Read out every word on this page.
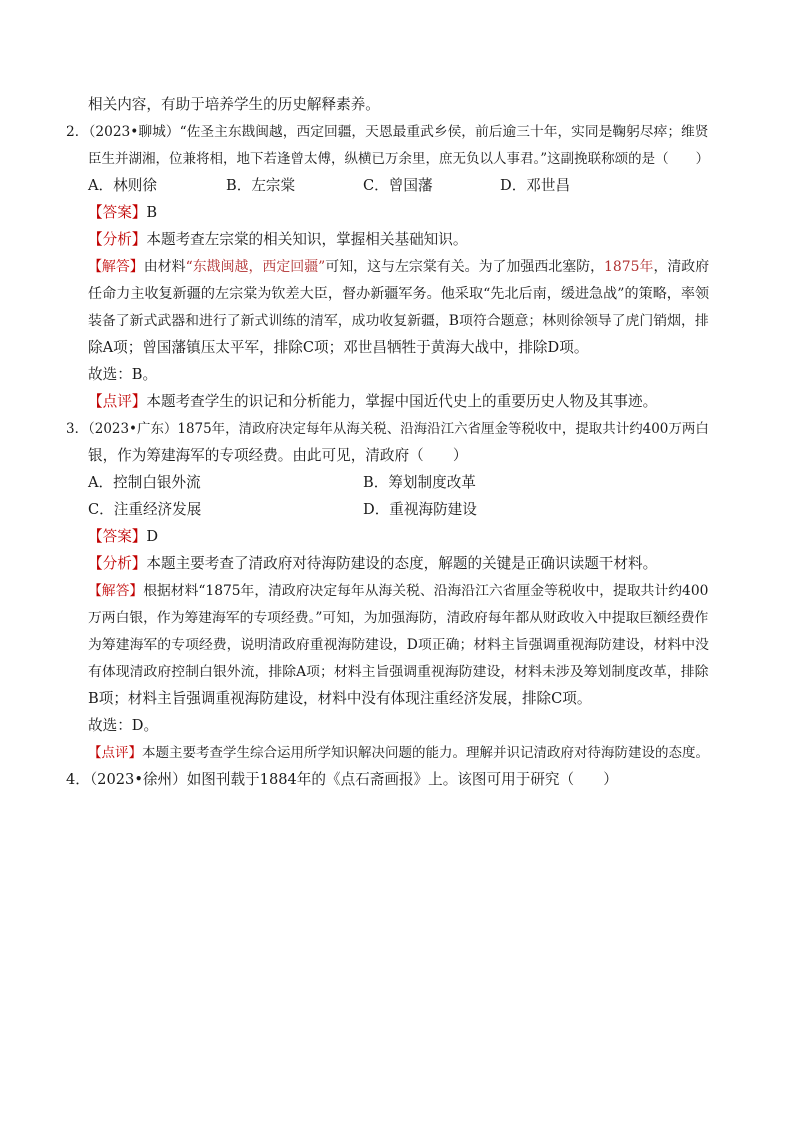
相关内容，有助于培养学生的历史解释素养。
2．（2023•聊城）“佐圣主东戡闽越，西定回疆，天恩最重武乡侯，前后逾三十年，实同是鞠躬尽瘁；维贤
臣生并湖湘，位兼将相，地下若逢曾太傅，纵横已万余里，庶无负以人事君。”这副挽联称颂的是（　　）
A．林则徐	B．左宗棠	C．曾国藩	D．邓世昌
【答案】B
【分析】本题考查左宗棠的相关知识，掌握相关基础知识。
【解答】由材料“东戡闽越，西定回疆”可知，这与左宗棠有关。为了加强西北塞防，1875年，清政府
任命力主收复新疆的左宗棠为钦差大臣，督办新疆军务。他采取“先北后南，缓进急战”的策略，率领
装备了新式武器和进行了新式训练的清军，成功收复新疆，B项符合题意；林则徐领导了虎门销烟，排
除A项；曾国藩镇压太平军，排除C项；邓世昌牺牲于黄海大战中，排除D项。
故选：B。
【点评】本题考查学生的识记和分析能力，掌握中国近代史上的重要历史人物及其事迹。
3．（2023•广东）1875年，清政府决定每年从海关税、沿海沿江六省厘金等税收中，提取共计约400万两白
银，作为筹建海军的专项经费。由此可见，清政府（　　）
A．控制白银外流	B．筹划制度改革
C．注重经济发展	D．重视海防建设
【答案】D
【分析】本题主要考查了清政府对待海防建设的态度，解题的关键是正确识读题干材料。
【解答】根据材料“1875年，清政府决定每年从海关税、沿海沿江六省厘金等税收中，提取共计约400
万两白银，作为筹建海军的专项经费。”可知，为加强海防，清政府每年都从财政收入中提取巨额经费作
为筹建海军的专项经费，说明清政府重视海防建设，D项正确；材料主旨强调重视海防建设，材料中没
有体现清政府控制白银外流，排除A项；材料主旨强调重视海防建设，材料未涉及筹划制度改革，排除
B项；材料主旨强调重视海防建设，材料中没有体现注重经济发展，排除C项。
故选：D。
【点评】本题主要考查学生综合运用所学知识解决问题的能力。理解并识记清政府对待海防建设的态度。
4．（2023•徐州）如图刊载于1884年的《点石斋画报》上。该图可用于研究（　　）
